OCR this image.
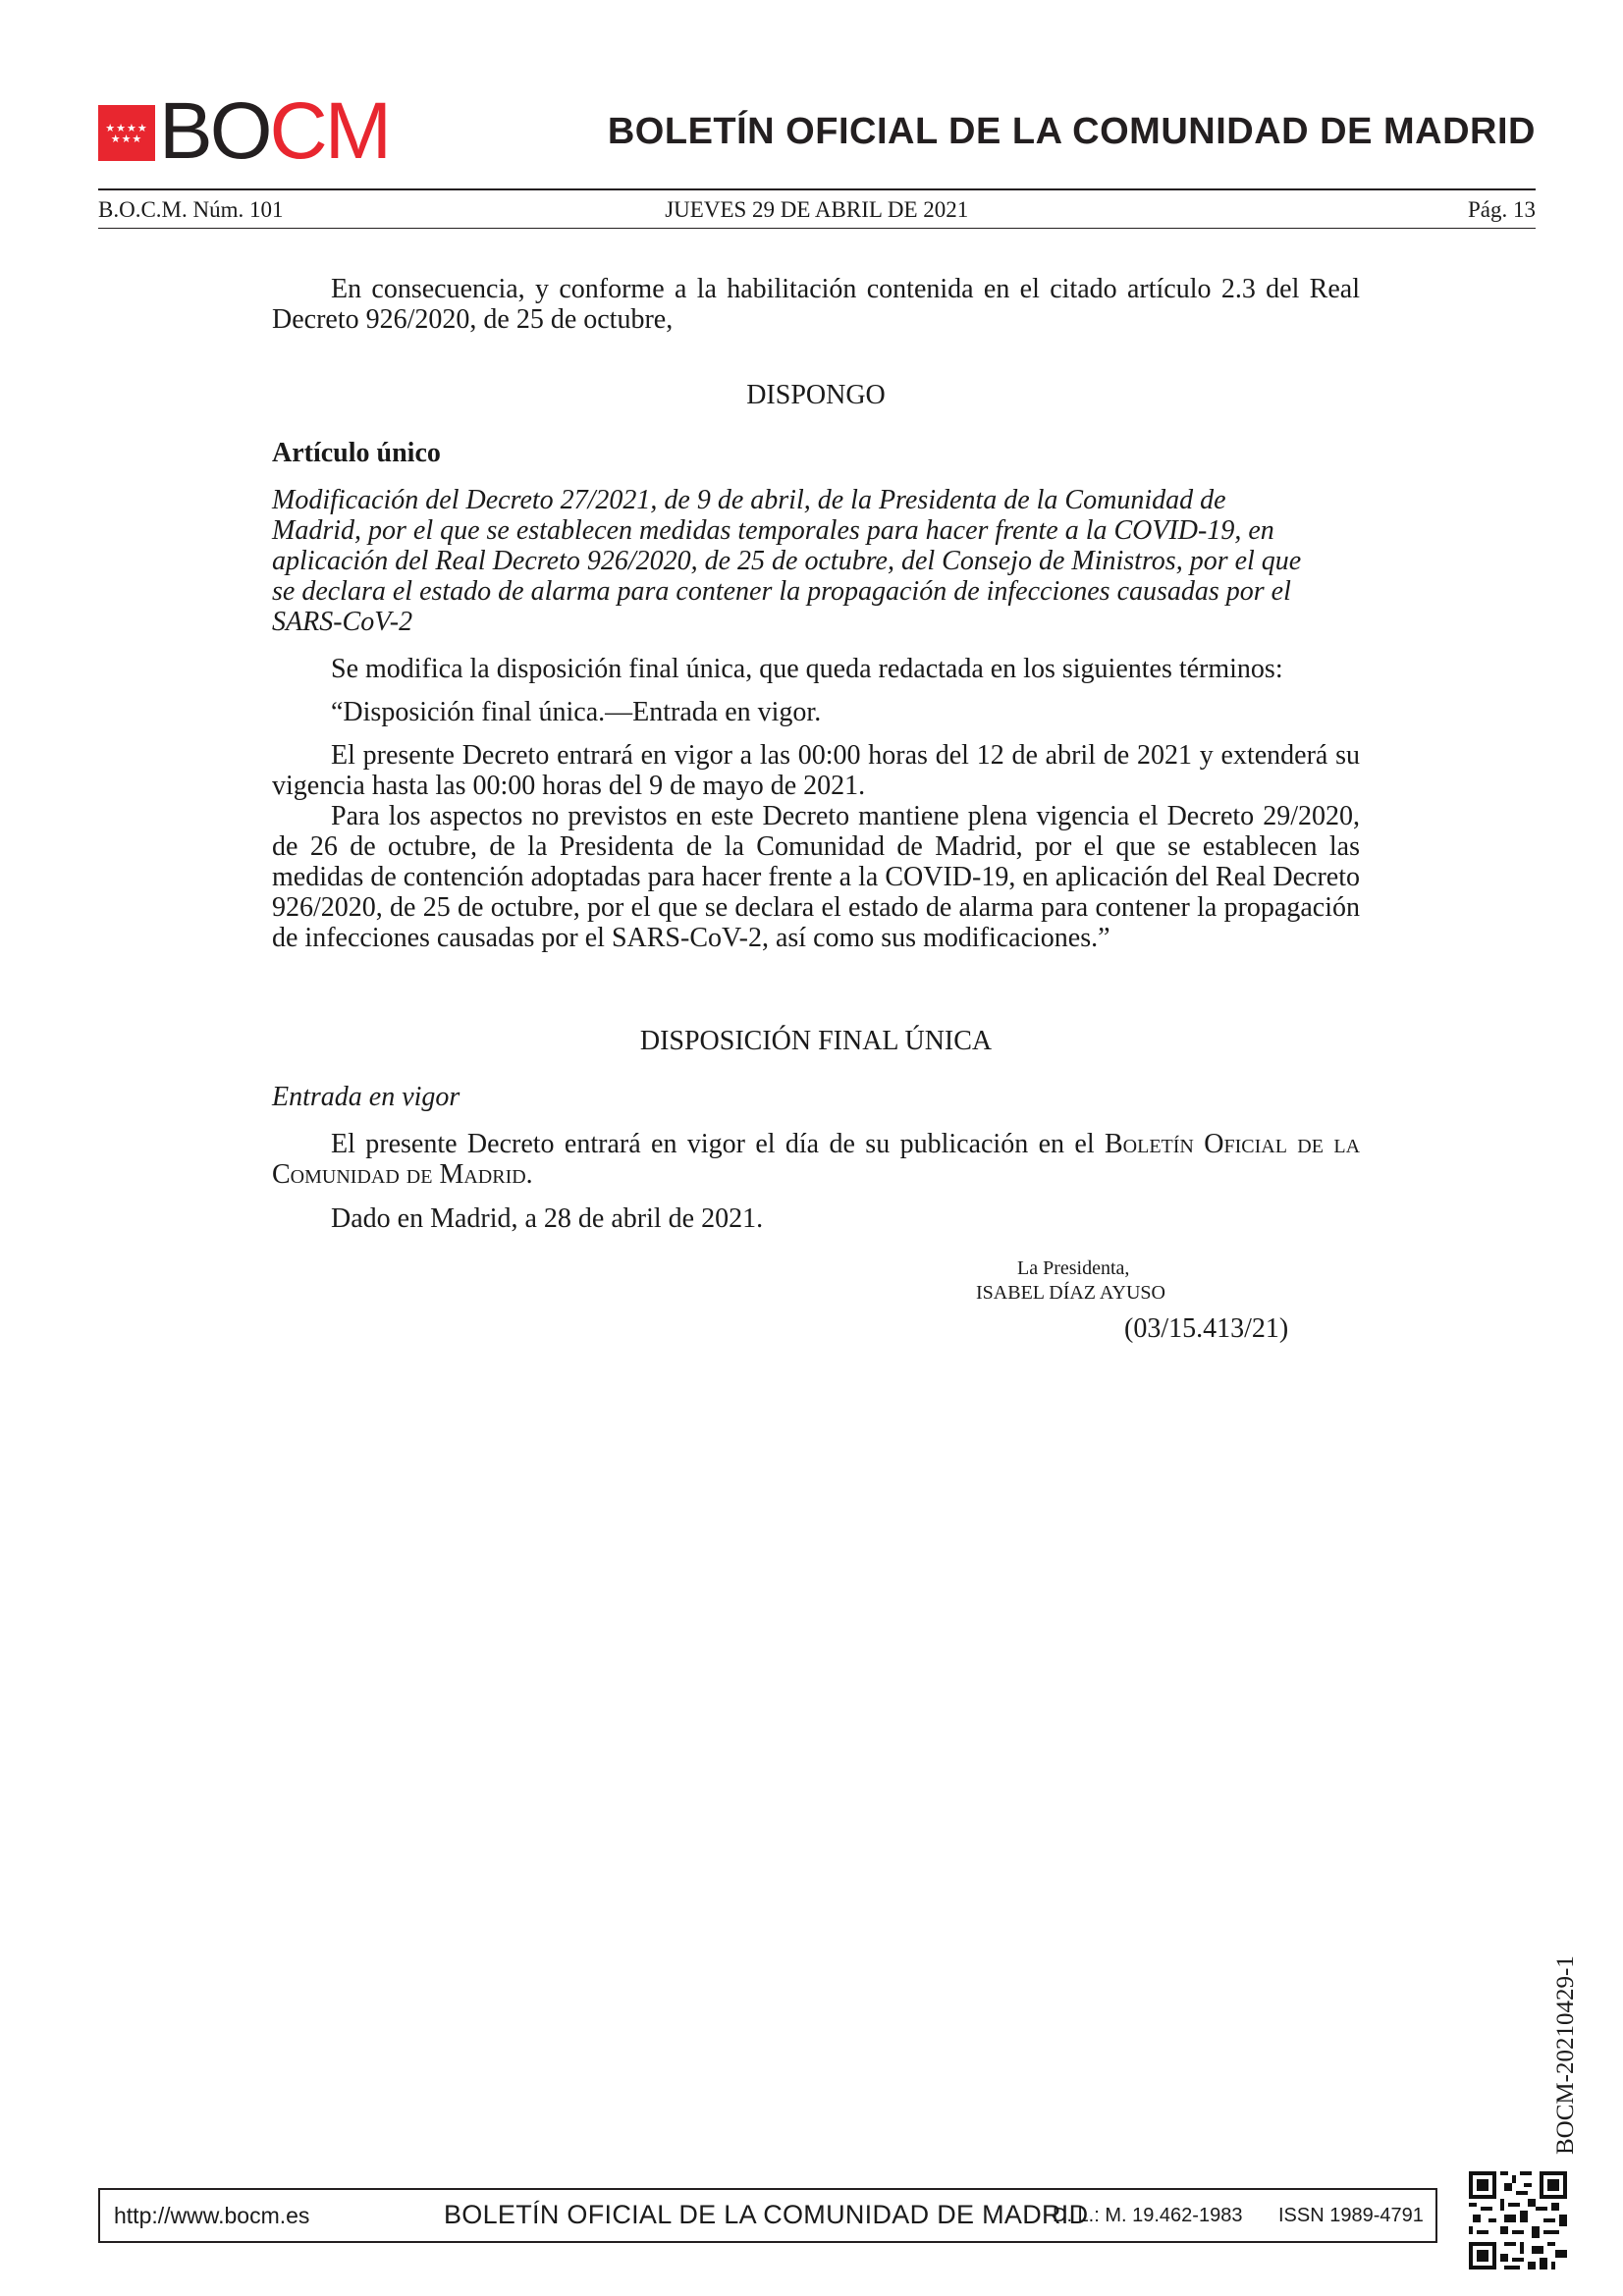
★★★★
★★★ BOCM	BOLETÍN OFICIAL DE LA COMUNIDAD DE MADRID
B.O.C.M. Núm. 101	JUEVES 29 DE ABRIL DE 2021	Pág. 13
En consecuencia, y conforme a la habilitación contenida en el citado artículo 2.3 del Real Decreto 926/2020, de 25 de octubre,
DISPONGO
Artículo único
Modificación del Decreto 27/2021, de 9 de abril, de la Presidenta de la Comunidad de Madrid, por el que se establecen medidas temporales para hacer frente a la COVID-19, en aplicación del Real Decreto 926/2020, de 25 de octubre, del Consejo de Ministros, por el que se declara el estado de alarma para contener la propagación de infecciones causadas por el SARS-CoV-2
Se modifica la disposición final única, que queda redactada en los siguientes términos:
“Disposición final única.—Entrada en vigor.
El presente Decreto entrará en vigor a las 00:00 horas del 12 de abril de 2021 y extenderá su vigencia hasta las 00:00 horas del 9 de mayo de 2021.
Para los aspectos no previstos en este Decreto mantiene plena vigencia el Decreto 29/2020, de 26 de octubre, de la Presidenta de la Comunidad de Madrid, por el que se establecen las medidas de contención adoptadas para hacer frente a la COVID-19, en aplicación del Real Decreto 926/2020, de 25 de octubre, por el que se declara el estado de alarma para contener la propagación de infecciones causadas por el SARS-CoV-2, así como sus modificaciones.”
DISPOSICIÓN FINAL ÚNICA
Entrada en vigor
El presente Decreto entrará en vigor el día de su publicación en el Boletín Oficial de la Comunidad de Madrid.
Dado en Madrid, a 28 de abril de 2021.
La Presidenta,
ISABEL DÍAZ AYUSO
(03/15.413/21)
BOCM-20210429-1
http://www.bocm.es	BOLETÍN OFICIAL DE LA COMUNIDAD DE MADRID
D. L.: M. 19.462-1983 ISSN 1989-4791
